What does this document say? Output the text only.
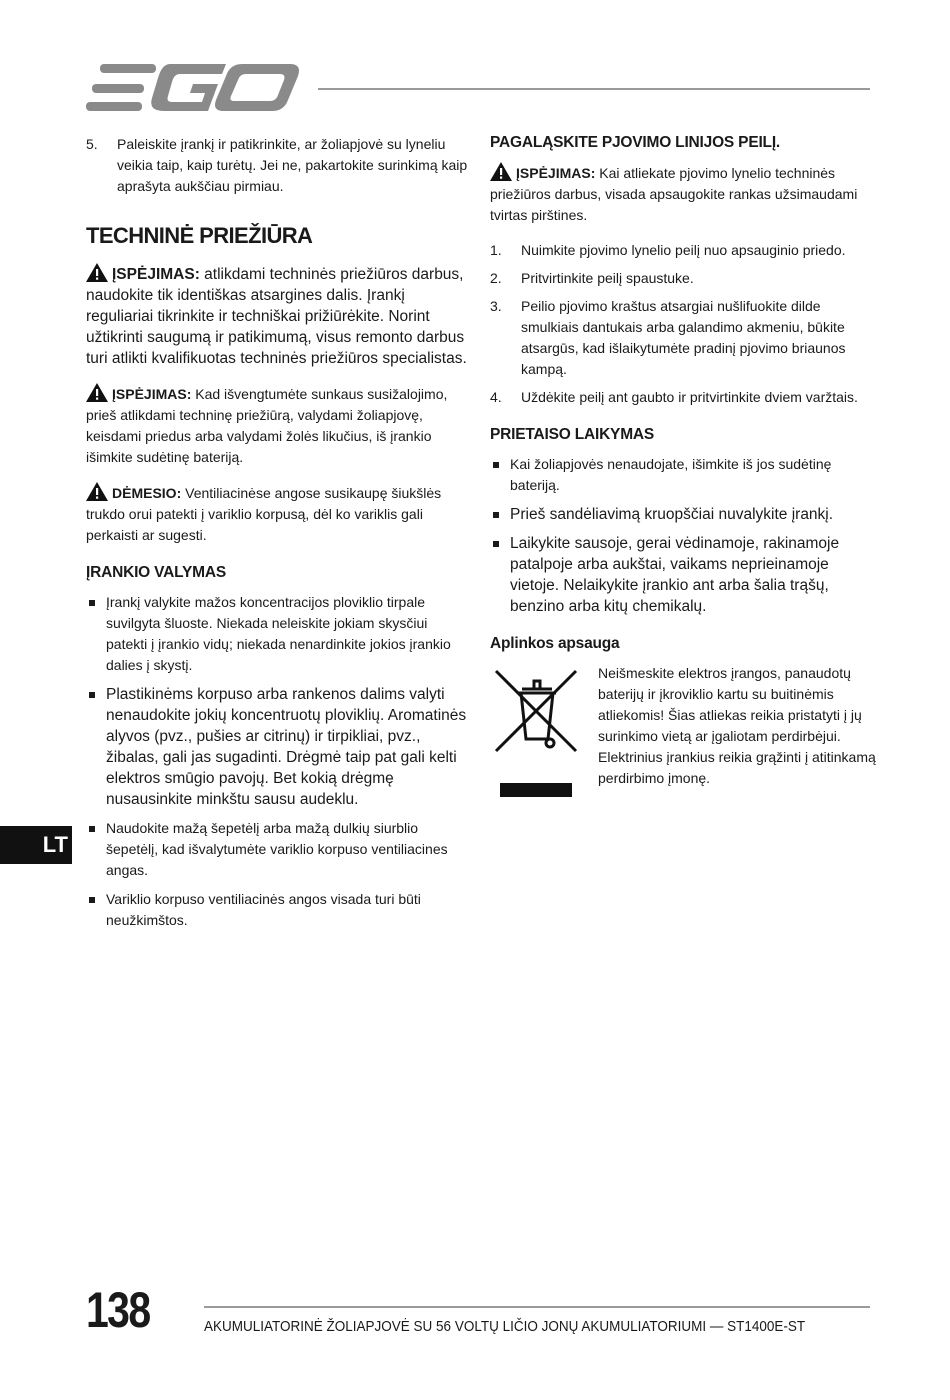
5. Paleiskite įrankį ir patikrinkite, ar žoliapjovė su lyneliu veikia taip, kaip turėtų. Jei ne, pakartokite surinkimą kaip aprašyta aukščiau pirmiau.
TECHNINĖ PRIEŽIŪRA
ĮSPĖJIMAS: atlikdami techninės priežiūros darbus, naudokite tik identiškas atsargines dalis. Įrankį reguliariai tikrinkite ir techniškai prižiūrėkite. Norint užtikrinti saugumą ir patikimumą, visus remonto darbus turi atlikti kvalifikuotas techninės priežiūros specialistas.
ĮSPĖJIMAS: Kad išvengtumėte sunkaus susižalojimo, prieš atlikdami techninę priežiūrą, valydami žoliapjovę, keisdami priedus arba valydami žolės likučius, iš įrankio išimkite sudėtinę bateriją.
DĖMESIO: Ventiliacinėse angose susikaupę šiukšlės trukdo orui patekti į variklio korpusą, dėl ko variklis gali perkaisti ar sugesti.
ĮRANKIO VALYMAS
Įrankį valykite mažos koncentracijos ploviklio tirpale suvilgyta šluoste. Niekada neleiskite jokiam skysčiui patekti į įrankio vidų; niekada nenardinkite jokios įrankio dalies į skystį.
Plastikinėms korpuso arba rankenos dalims valyti nenaudokite jokių koncentruotų ploviklių. Aromatinės alyvos (pvz., pušies ar citrinų) ir tirpikliai, pvz., žibalas, gali jas sugadinti. Drėgmė taip pat gali kelti elektros smūgio pavojų. Bet kokią drėgmę nusausinkite minkštu sausu audeklu.
Naudokite mažą šepetėlį arba mažą dulkių siurblio šepetėlį, kad išvalytumėte variklio korpuso ventiliacines angas.
Variklio korpuso ventiliacinės angos visada turi būti neužkimštos.
PAGALĄSKITE PJOVIMO LINIJOS PEILĮ.
ĮSPĖJIMAS: Kai atliekate pjovimo lynelio techninės priežiūros darbus, visada apsaugokite rankas užsimaudami tvirtas pirštines.
1. Nuimkite pjovimo lynelio peilį nuo apsauginio priedo.
2. Pritvirtinkite peilį spaustuke.
3. Peilio pjovimo kraštus atsargiai nušlifuokite dilde smulkiais dantukais arba galandimo akmeniu, būkite atsargūs, kad išlaikytumėte pradinį pjovimo briaunos kampą.
4. Uždėkite peilį ant gaubto ir pritvirtinkite dviem varžtais.
PRIETAISO LAIKYMAS
Kai žoliapjovės nenaudojate, išimkite iš jos sudėtinę bateriją.
Prieš sandėliavimą kruopščiai nuvalykite įrankį.
Laikykite sausoje, gerai vėdinamoje, rakinamoje patalpoje arba aukštai, vaikams neprieinamoje vietoje. Nelaikykite įrankio ant arba šalia trąšų, benzino arba kitų chemikalų.
Aplinkos apsauga
Neišmeskite elektros įrangos, panaudotų baterijų ir įkroviklio kartu su buitinėmis atliekomis! Šias atliekas reikia pristatyti į jų surinkimo vietą ar įgaliotam perdirbėjui. Elektrinius įrankius reikia grąžinti į atitinkamą perdirbimo įmonę.
LT
138	AKUMULIATORINĖ ŽOLIAPJOVĖ SU 56 VOLTŲ LIČIO JONŲ AKUMULIATORIUMI — ST1400E-ST
